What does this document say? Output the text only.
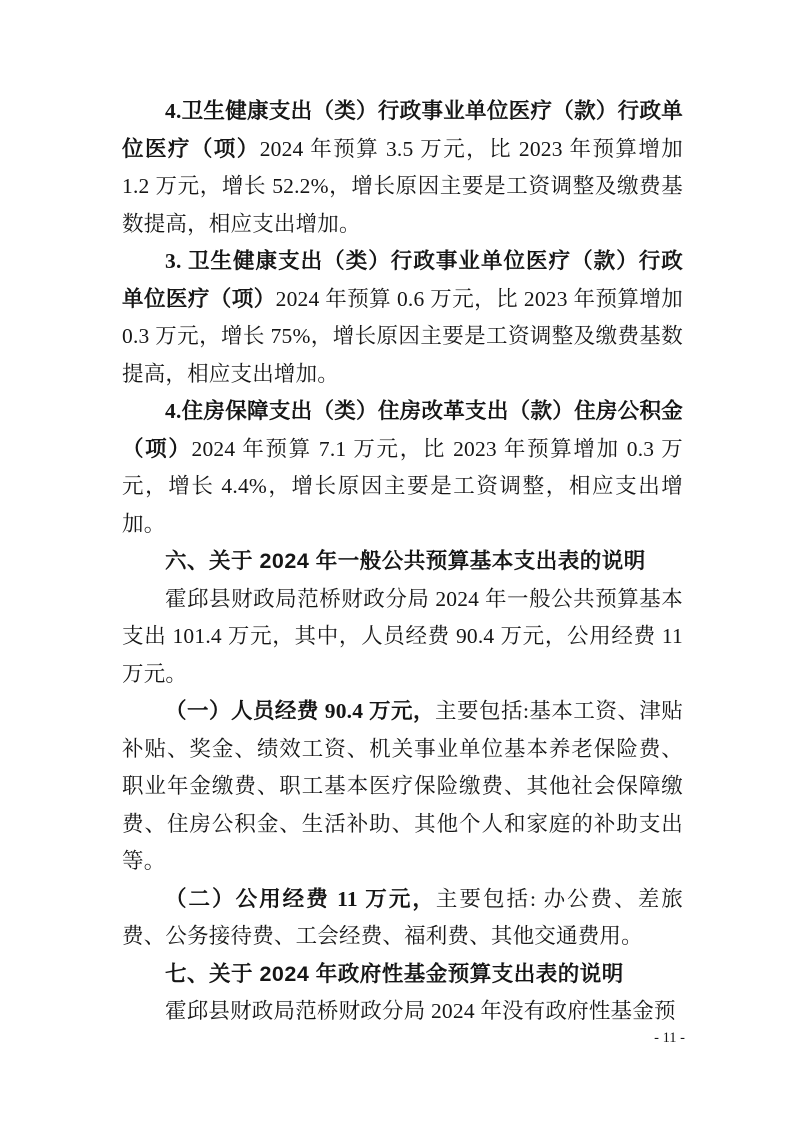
4.卫生健康支出（类）行政事业单位医疗（款）行政单位医疗（项）2024 年预算 3.5 万元，比 2023 年预算增加 1.2 万元，增长 52.2%，增长原因主要是工资调整及缴费基数提高，相应支出增加。

3. 卫生健康支出（类）行政事业单位医疗（款）行政单位医疗（项）2024 年预算 0.6 万元，比 2023 年预算增加 0.3 万元，增长 75%，增长原因主要是工资调整及缴费基数提高，相应支出增加。

4.住房保障支出（类）住房改革支出（款）住房公积金（项）2024 年预算 7.1 万元，比 2023 年预算增加 0.3 万元，增长 4.4%，增长原因主要是工资调整，相应支出增加。

六、关于 2024 年一般公共预算基本支出表的说明

霍邱县财政局范桥财政分局 2024 年一般公共预算基本支出 101.4 万元，其中，人员经费 90.4 万元，公用经费 11 万元。

（一）人员经费 90.4 万元，主要包括:基本工资、津贴补贴、奖金、绩效工资、机关事业单位基本养老保险费、职业年金缴费、职工基本医疗保险缴费、其他社会保障缴费、住房公积金、生活补助、其他个人和家庭的补助支出等。

（二）公用经费 11 万元，主要包括: 办公费、差旅费、公务接待费、工会经费、福利费、其他交通费用。

七、关于 2024 年政府性基金预算支出表的说明

霍邱县财政局范桥财政分局 2024 年没有政府性基金预

- 11 -
